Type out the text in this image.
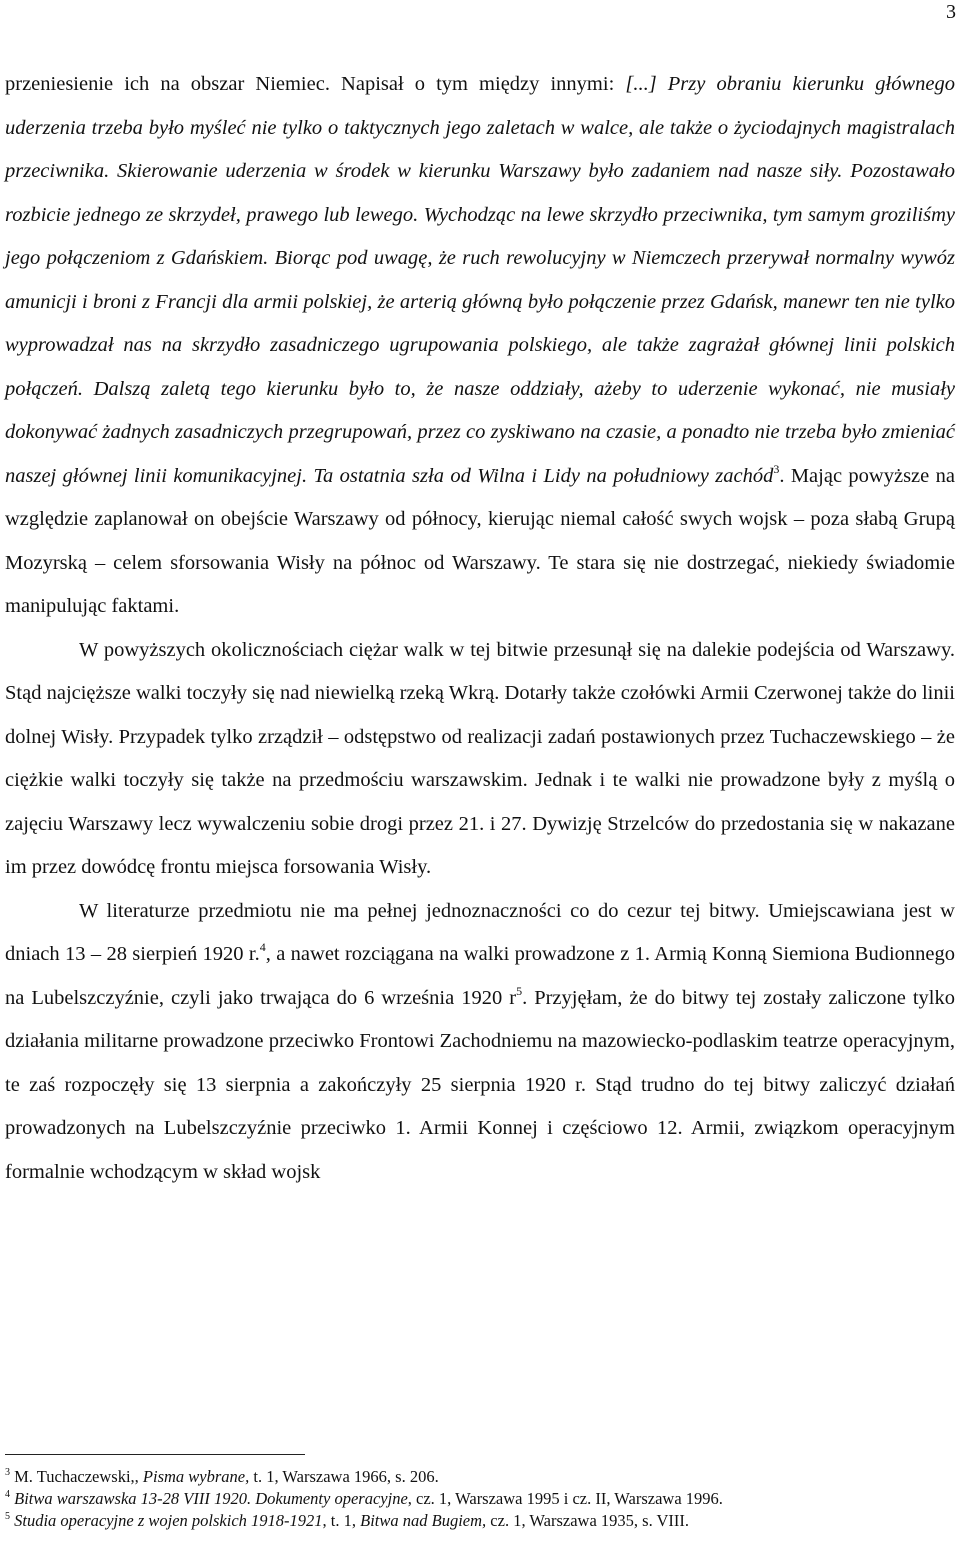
3

przeniesienie ich na obszar Niemiec. Napisał o tym między innymi: [...] Przy obraniu kierunku głównego uderzenia trzeba było myśleć nie tylko o taktycznych jego zaletach w walce, ale także o życiodajnych magistralach przeciwnika. Skierowanie uderzenia w środek w kierunku Warszawy było zadaniem nad nasze siły. Pozostawało rozbicie jednego ze skrzydeł, prawego lub lewego. Wychodząc na lewe skrzydło przeciwnika, tym samym groziliśmy jego połączeniom z Gdańskiem. Biorąc pod uwagę, że ruch rewolucyjny w Niemczech przerywał normalny wywóz amunicji i broni z Francji dla armii polskiej, że arterią główną było połączenie przez Gdańsk, manewr ten nie tylko wyprowadzał nas na skrzydło zasadniczego ugrupowania polskiego, ale także zagrażał głównej linii polskich połączeń. Dalszą zaletą tego kierunku było to, że nasze oddziały, ażeby to uderzenie wykonać, nie musiały dokonywać żadnych zasadniczych przegrupowań, przez co zyskiwano na czasie, a ponadto nie trzeba było zmieniać naszej głównej linii komunikacyjnej. Ta ostatnia szła od Wilna i Lidy na południowy zachód$^3$. Mając powyższe na względzie zaplanował on obejście Warszawy od północy, kierując niemal całość swych wojsk – poza słabą Grupą Mozyrską – celem sforsowania Wisły na północ od Warszawy. Te stara się nie dostrzegać, niekiedy świadomie manipulując faktami.

W powyższych okolicznościach ciężar walk w tej bitwie przesunął się na dalekie podejścia od Warszawy. Stąd najcięższe walki toczyły się nad niewielką rzeką Wkrą. Dotarły także czołówki Armii Czerwonej także do linii dolnej Wisły. Przypadek tylko zrządził – odstępstwo od realizacji zadań postawionych przez Tuchaczewskiego – że ciężkie walki toczyły się także na przedmościu warszawskim. Jednak i te walki nie prowadzone były z myślą o zajęciu Warszawy lecz wywalczeniu sobie drogi przez 21. i 27. Dywizję Strzelców do przedostania się w nakazane im przez dowódcę frontu miejsca forsowania Wisły.

W literaturze przedmiotu nie ma pełnej jednoznaczności co do cezur tej bitwy. Umiejscawiana jest w dniach 13 – 28 sierpień 1920 r.$^4$, a nawet rozciągana na walki prowadzone z 1. Armią Konną Siemiona Budionnego na Lubelszczyźnie, czyli jako trwająca do 6 września 1920 $r^5$. Przyjęłam, że do bitwy tej zostały zaliczone tylko działania militarne prowadzone przeciwko Frontowi Zachodniemu na mazowiecko-podlaskim teatrze operacyjnym, te zaś rozpoczęły się 13 sierpnia a zakończyły 25 sierpnia 1920 r. Stąd trudno do tej bitwy zaliczyć działań prowadzonych na Lubelszczyźnie przeciwko 1. Armii Konnej i częściowo 12. Armii, związkom operacyjnym formalnie wchodzącym w skład wojsk

$^3$ M. Tuchaczewski,, Pisma wybrane, t. 1, Warszawa 1966, s. 206.
$^4$ Bitwa warszawska 13-28 VIII 1920. Dokumenty operacyjne, cz. 1, Warszawa 1995 i cz. II, Warszawa 1996.
$^5$ Studia operacyjne z wojen polskich 1918-1921, t. 1, Bitwa nad Bugiem, cz. 1, Warszawa 1935, s. VIII.
